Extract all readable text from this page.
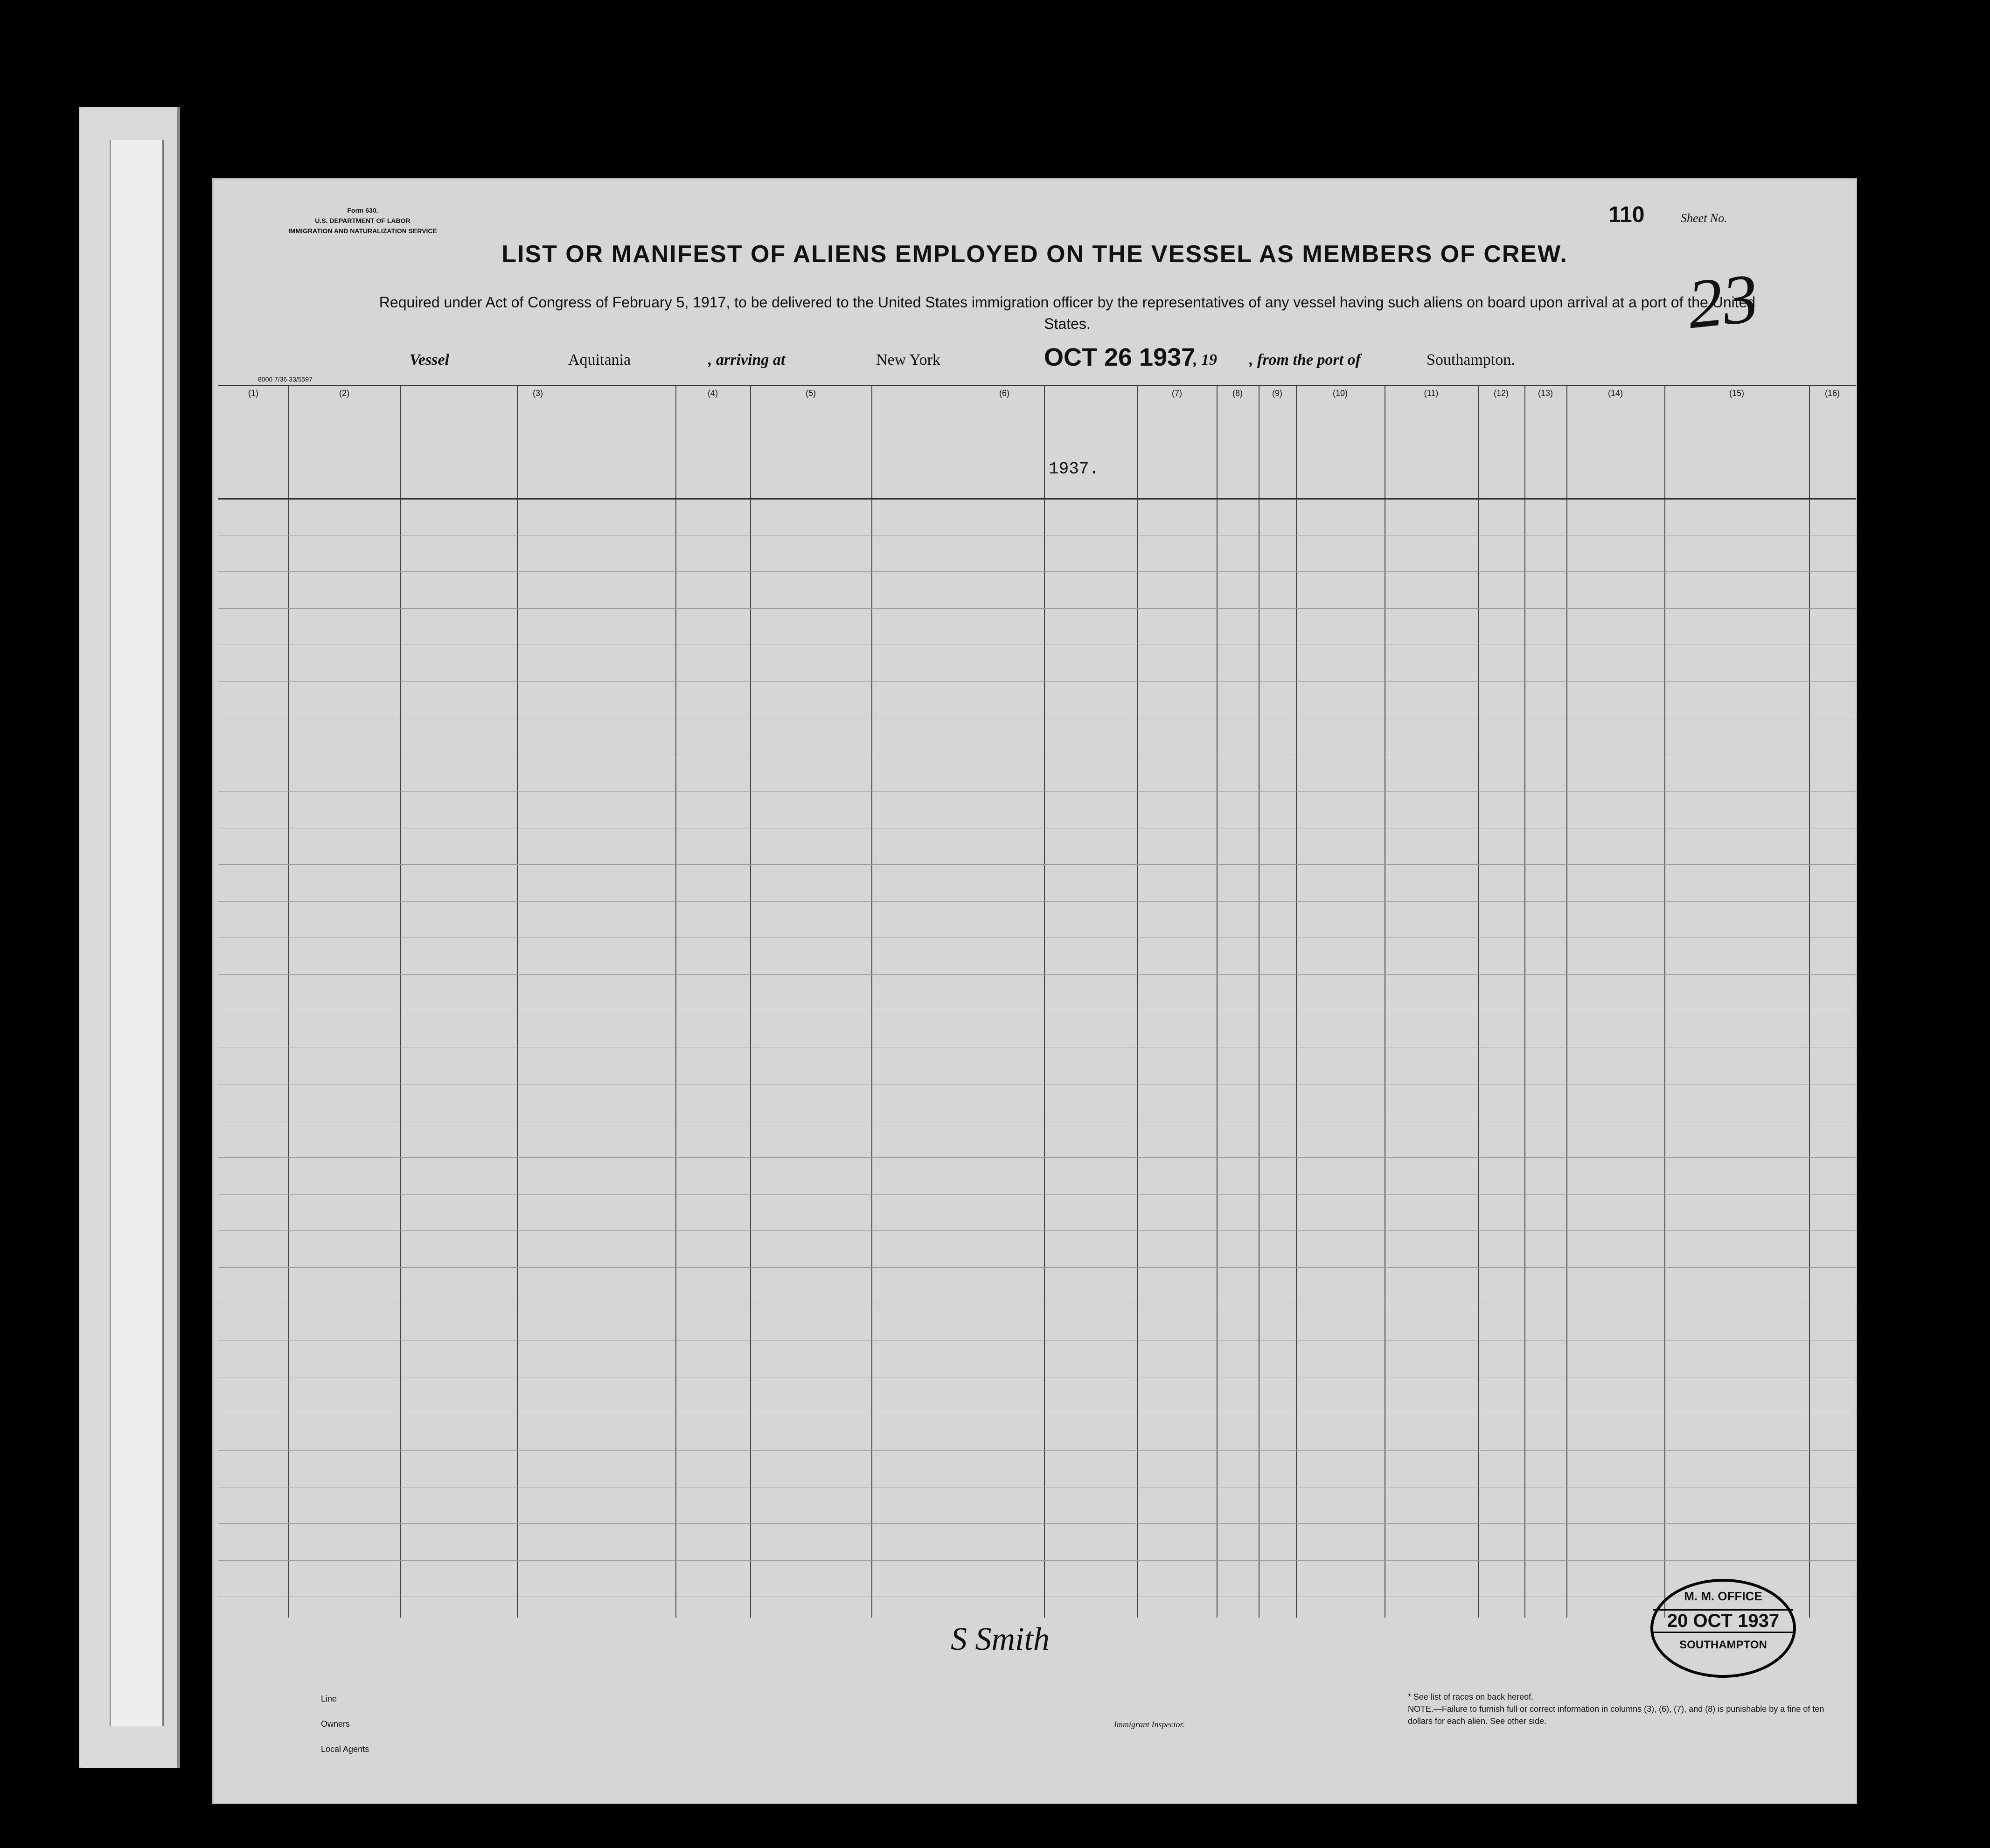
Form 630.
U.S. DEPARTMENT OF LABOR
IMMIGRATION AND NATURALIZATION SERVICE
110	Sheet No.
LIST OR MANIFEST OF ALIENS EMPLOYED ON THE VESSEL AS MEMBERS OF CREW.
Required under Act of Congress of February 5, 1917, to be delivered to the United States immigration officer by the representatives of any vessel having such aliens on board upon arrival at a port of the United States.	23
Vessel	Aquitania	, arriving at	New York	OCT 26 1937
, 19 , from the port of	Southampton.
8000 7/36 33/5597
(1)	(2)	(3)	(4)	(5)	(6)	(7)	(8)	(9)	(10)	(11)	(12)	(13)	(14)	(15)	(16)
1937.
S Smith
Line
Owners
Local Agents
Immigrant Inspector.
* See list of races on back hereof.
NOTE.—Failure to furnish full or correct information in columns (3), (6), (7), and (8) is punishable by a fine of ten dollars for each alien. See other side.
M. M. OFFICE
20 OCT 1937
SOUTHAMPTON
